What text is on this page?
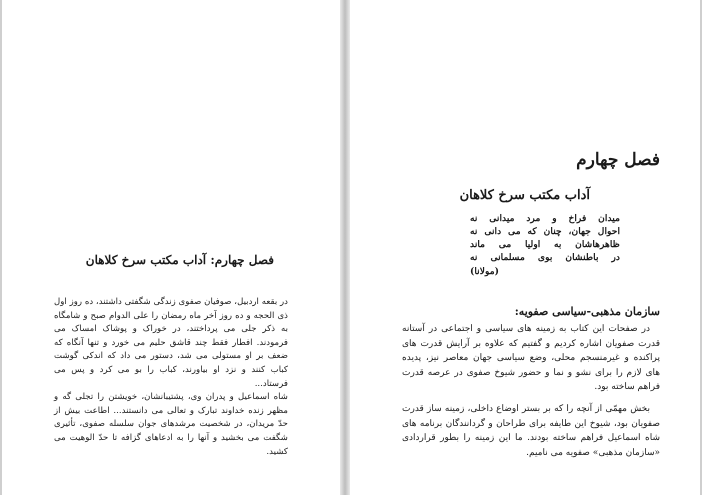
فصل چهارم: آداب مکتب سرخ کلاهان

در بقعه اردبیل، صوفیان صفوی زندگی شگفتی داشتند، ده روز اول ذی الحجه و ده روز آخر ماه رمضان را علی الدوام صبح و شامگاه به ذکر جلی می پرداختند، در خوراک و پوشاک امساک می فرمودند. افطار فقط چند قاشق حلیم می خورد و تنها آنگاه که ضعف بر او مستولی می شد، دستور می داد که اندکی گوشت کباب کنند و نزد او بیاورند، کباب را بو می کرد و پس می فرستاد...

شاه اسماعیل و پدران وی، پشتیبانشان، خویشتن را تجلی گه و مظهر زنده خداوند تبارک و تعالی می دانستند... اطاعت بیش از حدّ مریدان، در شخصیت مرشدهای جوان سلسله صفوی، تأثیری شگفت می بخشید و آنها را به ادعاهای گزافه تا حدّ الوهیت می کشید.

فصل چهارم
آداب مکتب سرخ کلاهان
میدان فراخ و مرد میدانی نه
احوال جهان، چنان که می دانی نه
ظاهرهاشان به اولیا می ماند
در باطنشان بوی مسلمانی نه
(مولانا)
سازمان مذهبی-سیاسی صفویه:

در صفحات این کتاب به زمینه های سیاسی و اجتماعی در آستانه قدرت صفویان اشاره کردیم و گفتیم که علاوه بر آرایش قدرت های پراکنده و غیرمنسجم محلی، وضع سیاسی جهان معاصر نیز، پدیده های لازم را برای نشو و نما و حضور شیوخ صفوی در عرصه قدرت فراهم ساخته بود.

بخش مهمّی از آنچه را که بر بستر اوضاع داخلی، زمینه ساز قدرت صفویان بود، شیوخ این طایفه برای طراحان و گردانندگان برنامه های شاه اسماعیل فراهم ساخته بودند. ما این زمینه را بطور قراردادی «سازمان مذهبی» صفویه می نامیم.
